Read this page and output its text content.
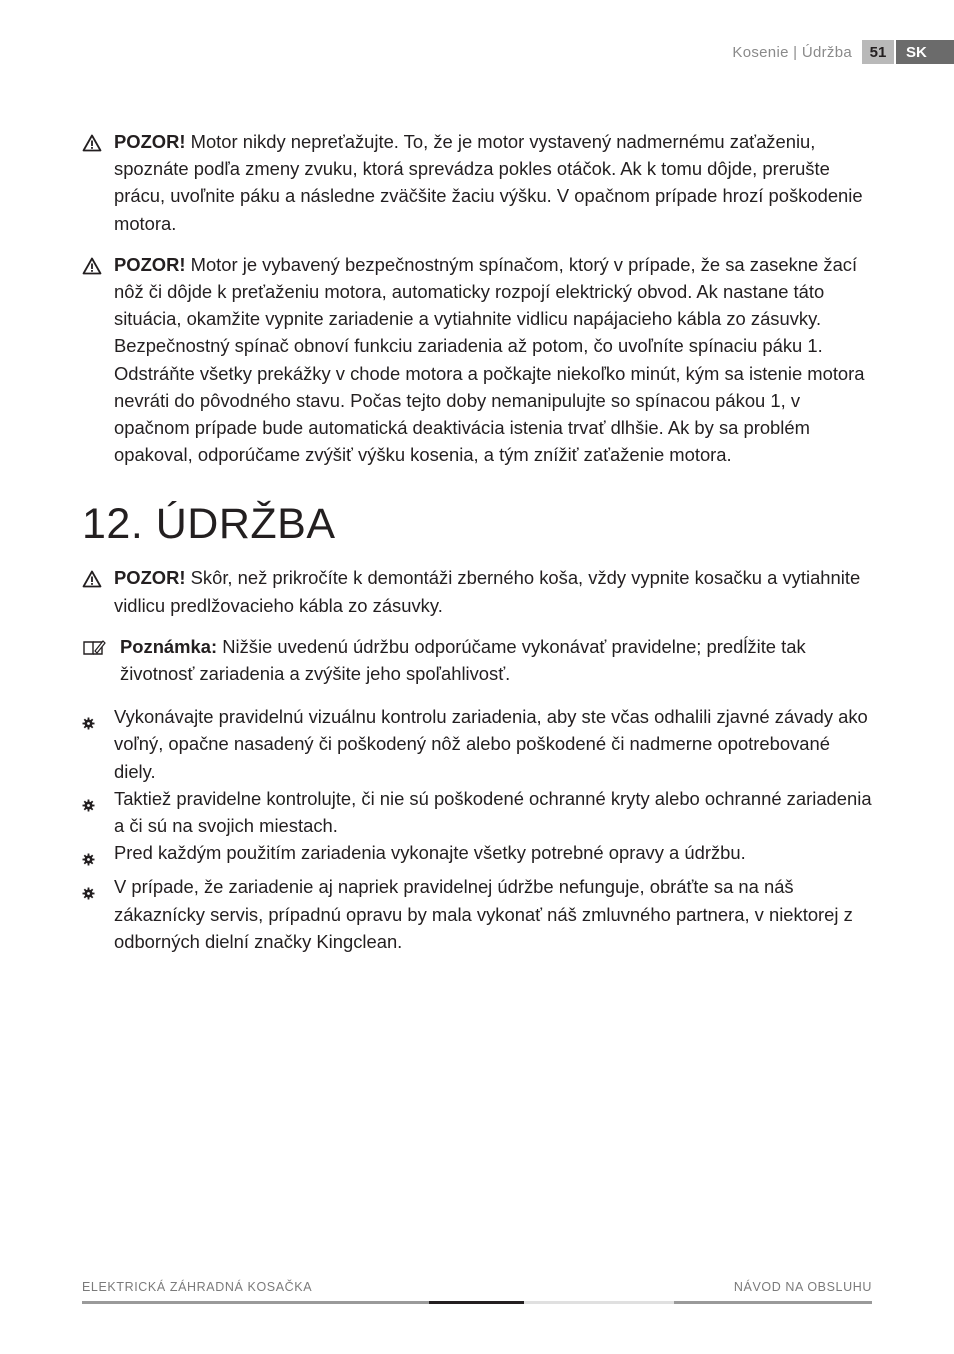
Kosenie | Údržba	51	SK
POZOR! Motor nikdy nepreťažujte. To, že je motor vystavený nadmernému zaťaženiu, spoznáte podľa zmeny zvuku, ktorá sprevádza pokles otáčok. Ak k tomu dôjde, prerušte prácu, uvoľnite páku a následne zväčšite žaciu výšku. V opačnom prípade hrozí poškodenie motora.
POZOR! Motor je vybavený bezpečnostným spínačom, ktorý v prípade, že sa zasekne žací nôž či dôjde k preťaženiu motora, automaticky rozpojí elektrický obvod. Ak nastane táto situácia, okamžite vypnite zariadenie a vytiahnite vidlicu napájacieho kábla zo zásuvky. Bezpečnostný spínač obnoví funkciu zariadenia až potom, čo uvoľníte spínaciu páku 1. Odstráňte všetky prekážky v chode motora a počkajte niekoľko minút, kým sa istenie motora nevráti do pôvodného stavu. Počas tejto doby nemanipulujte so spínacou pákou 1, v opačnom prípade bude automatická deaktivácia istenia trvať dlhšie. Ak by sa problém opakoval, odporúčame zvýšiť výšku kosenia, a tým znížiť zaťaženie motora.
12. ÚDRŽBA
POZOR! Skôr, než prikročíte k demontáži zberného koša, vždy vypnite kosačku a vytiahnite vidlicu predlžovacieho kábla zo zásuvky.
Poznámka: Nižšie uvedenú údržbu odporúčame vykonávať pravidelne; predĺžite tak životnosť zariadenia a zvýšite jeho spoľahlivosť.
Vykonávajte pravidelnú vizuálnu kontrolu zariadenia, aby ste včas odhalili zjavné závady ako voľný, opačne nasadený či poškodený nôž alebo poškodené či nadmerne opotrebované diely.
Taktiež pravidelne kontrolujte, či nie sú poškodené ochranné kryty alebo ochranné zariadenia a či sú na svojich miestach.
Pred každým použitím zariadenia vykonajte všetky potrebné opravy a údržbu.
V prípade, že zariadenie aj napriek pravidelnej údržbe nefunguje, obráťte sa na náš zákaznícky servis, prípadnú opravu by mala vykonať náš zmluvného partnera, v niektorej z odborných dielní značky Kingclean.
ELEKTRICKÁ ZÁHRADNÁ KOSAČKA	NÁVOD NA OBSLUHU
